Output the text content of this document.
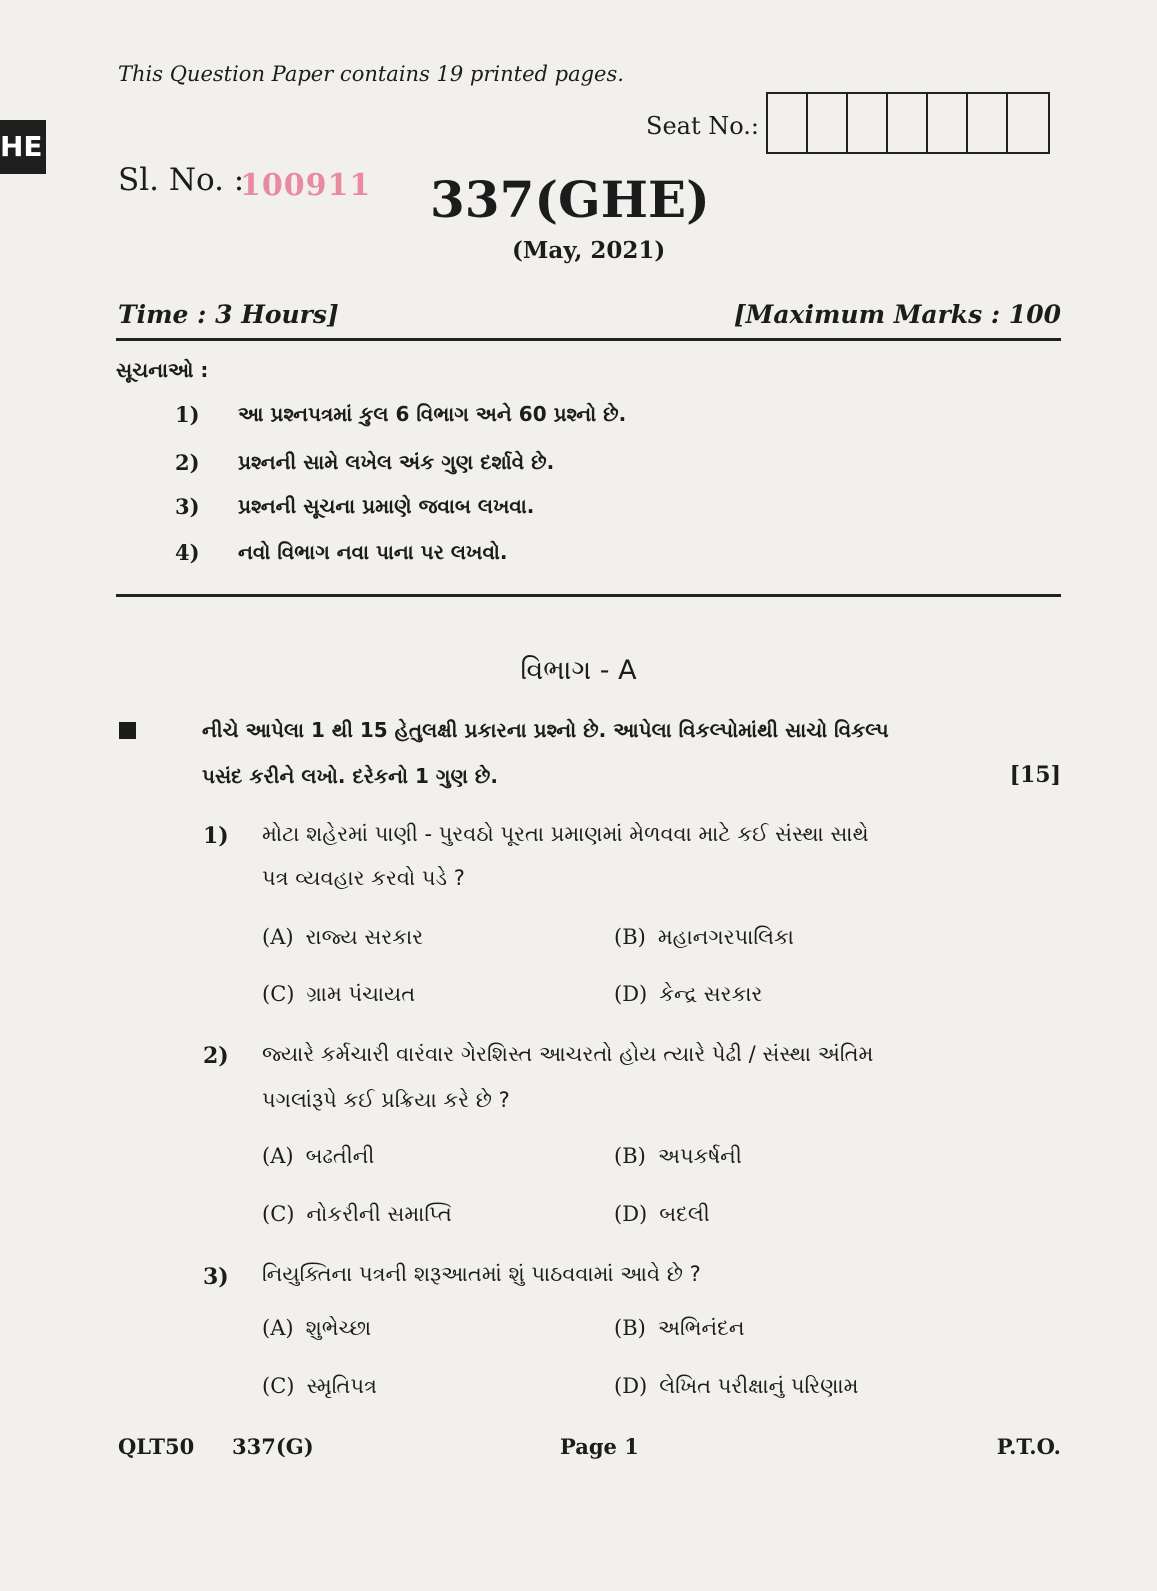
HE
This Question Paper contains 19 printed pages.
Seat No.:
Sl. No. :
100911 337(GHE)
(May, 2021)
Time : 3 Hours]	[Maximum Marks : 100
સૂચનાઓ :
1) આ પ્રશ્નપત્રમાં કુલ 6 વિભાગ અને 60 પ્રશ્નો છે.
2) પ્રશ્નની સામે લખેલ અંક ગુણ દર્શાવે છે.
3) પ્રશ્નની સૂચના પ્રમાણે જવાબ લખવા.
4) નવો વિભાગ નવા પાના પર લખવો.
વિભાગ - A
નીચે આપેલા 1 થી 15 હેતુલક્ષી પ્રકારના પ્રશ્નો છે. આપેલા વિકલ્પોમાંથી સાચો વિકલ્પ
પસંદ કરીને લખો. દરેકનો 1 ગુણ છે.	[15]
1) મોટા શહેરમાં પાણી - પુરવઠો પૂરતા પ્રમાણમાં મેળવવા માટે કઈ સંસ્થા સાથે
પત્ર વ્યવહાર કરવો પડે ?
(A) રાજ્ય સરકાર	(B) મહાનગરપાલિકા
(C) ગ્રામ પંચાયત	(D) કેન્દ્ર સરકાર
2) જ્યારે કર્મચારી વારંવાર ગેરશિસ્ત આચરતો હોય ત્યારે પેઢી / સંસ્થા અંતિમ
પગલાંરૂપે કઈ પ્રક્રિયા કરે છે ?
(A) બઢતીની	(B) અપકર્ષની
(C) નોકરીની સમાપ્તિ	(D) બદલી
3) નિયુક્તિના પત્રની શરૂઆતમાં શું પાઠવવામાં આવે છે ?
(A) શુભેચ્છા	(B) અભિનંદન
(C) સ્મૃતિપત્ર	(D) લેખિત પરીક્ષાનું પરિણામ
QLT50 337(G)	Page 1	P.T.O.
